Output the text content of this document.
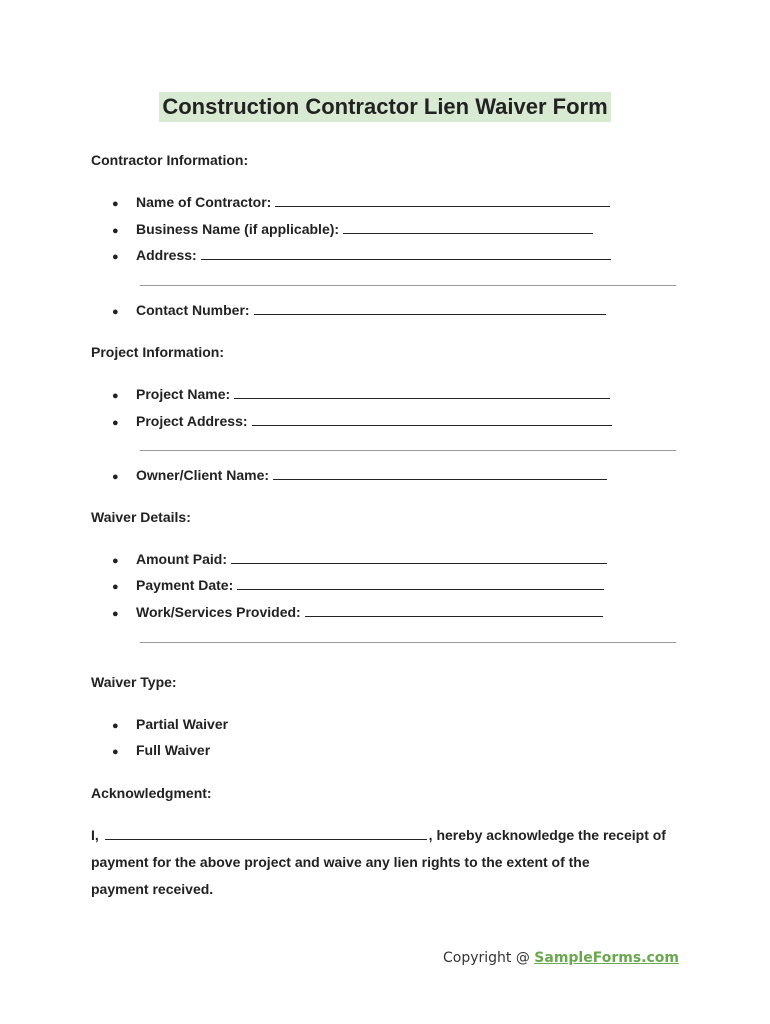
Construction Contractor Lien Waiver Form
Contractor Information:
●	Name of Contractor:
●	Business Name (if applicable):
●	Address:
●	Contact Number:
Project Information:
●	Project Name:
●	Project Address:
●	Owner/Client Name:
Waiver Details:
●	Amount Paid:
●	Payment Date:
●	Work/Services Provided:
Waiver Type:
●	Partial Waiver
●	Full Waiver
Acknowledgment:
I,	, hereby acknowledge the receipt of
payment for the above project and waive any lien rights to the extent of the
payment received.
Copyright @ SampleForms.com
